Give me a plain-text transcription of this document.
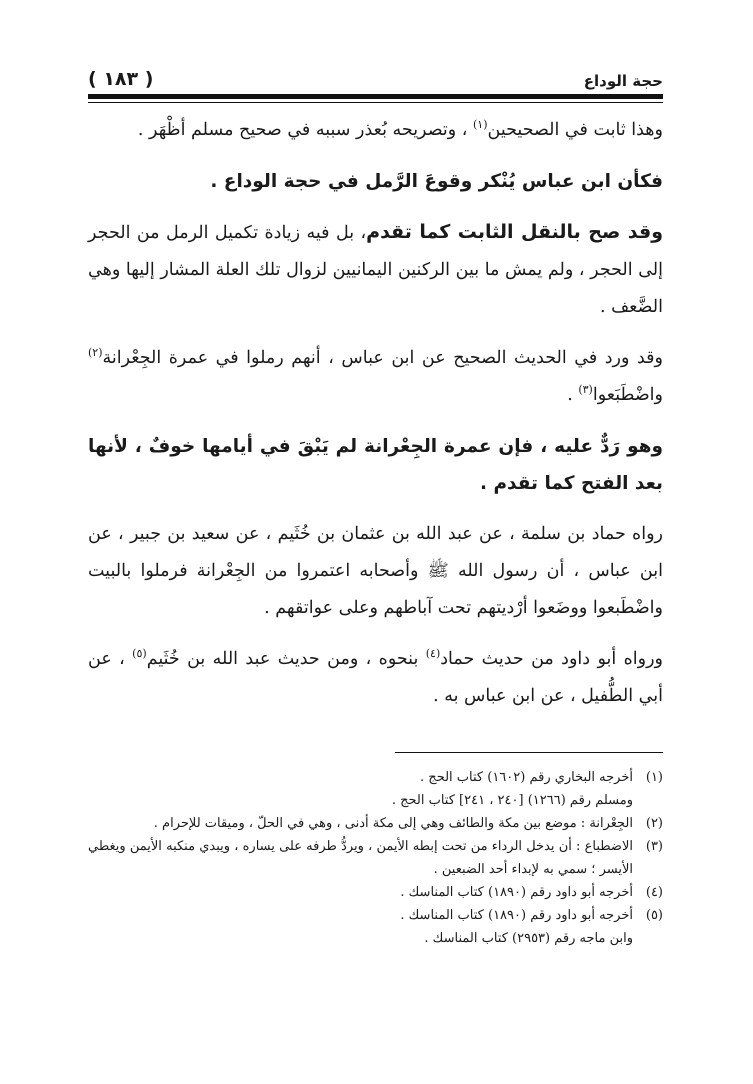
حجة الوداع
( ١٨٣ )

وهذا ثابت في الصحيحين$^{(١)}$ ، وتصريحه بُعذر سببه في صحيح مسلم أظْهَر .

فكأن ابن عباس يُنْكر وقوعَ الرَّمل في حجة الوداع .

وقد صح بالنقل الثابت كما تقدم، بل فيه زيادة تكميل الرمل من الحجر إلى الحجر ، ولم يمش ما بين الركنين اليمانيين لزوال تلك العلة المشار إليها وهي الضَّعف .

وقد ورد في الحديث الصحيح عن ابن عباس ، أنهم رملوا في عمرة الجِعْرانة$^{(٢)}$ واضْطَبَعوا$^{(٣)}$ .

وهو رَدٌّ عليه ، فإن عمرة الجِعْرانة لم يَبْقَ في أيامها خوفٌ ، لأنها بعد الفتح كما تقدم .

رواه حماد بن سلمة ، عن عبد الله بن عثمان بن خُثَيم ، عن سعيد بن جبير ، عن ابن عباس ، أن رسول الله ﷺ وأصحابه اعتمروا من الجِعْرانة فرملوا بالبيت واضْطَبعوا ووضَعوا أرْديتهم تحت آباطهم وعلى عواتقهم .

ورواه أبو داود من حديث حماد$^{(٤)}$ بنحوه ، ومن حديث عبد الله بن خُثَيم$^{(٥)}$ ، عن أبي الطُّفيل ، عن ابن عباس به .

(١)
أخرجه البخاري رقم (١٦٠٢) كتاب الحج .
ومسلم رقم (١٢٦٦) [٢٤٠ ، ٢٤١] كتاب الحج .
(٢)
الجِعْرانة : موضع بين مكة والطائف وهي إلى مكة أدنى ، وهي في الحلّ ، وميقات للإحرام .
(٣)
الاضطباع : أن يدخل الرداء من تحت إبطه الأيمن ، ويردُّ طرفه على يساره ، ويبدي منكبه الأيمن ويغطي الأيسر ؛ سمي به لإبداء أحد الضبعين .
(٤)
أخرجه أبو داود رقم (١٨٩٠) كتاب المناسك .
(٥)
أخرجه أبو داود رقم (١٨٩٠) كتاب المناسك .
وابن ماجه رقم (٢٩٥٣) كتاب المناسك .
